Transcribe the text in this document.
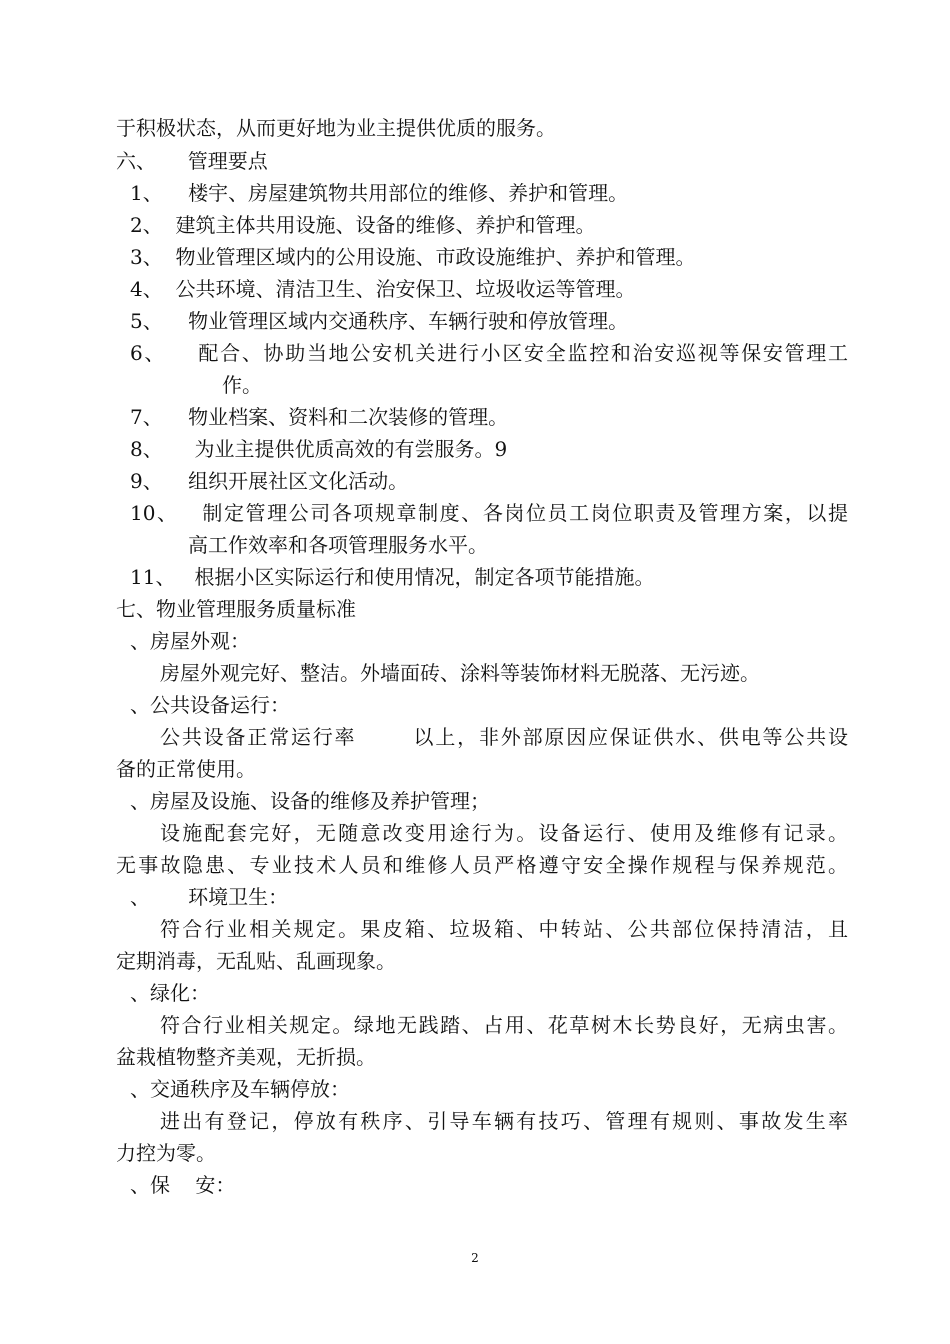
于积极状态，从而更好地为业主提供优质的服务。
六、     管理要点
1、    楼宇、房屋建筑物共用部位的维修、养护和管理。
2、  建筑主体共用设施、设备的维修、养护和管理。
3、  物业管理区域内的公用设施、市政设施维护、养护和管理。
4、  公共环境、清洁卫生、治安保卫、垃圾收运等管理。
5、    物业管理区域内交通秩序、车辆行驶和停放管理。
6、    配合、协助当地公安机关进行小区安全监控和治安巡视等保安管理工
作。
7、    物业档案、资料和二次装修的管理。
8、     为业主提供优质高效的有尝服务。9
9、    组织开展社区文化活动。
10、   制定管理公司各项规章制度、各岗位员工岗位职责及管理方案，以提
高工作效率和各项管理服务水平。
11、   根据小区实际运行和使用情况，制定各项节能措施。
七、物业管理服务质量标准
、房屋外观：
房屋外观完好、整洁。外墙面砖、涂料等装饰材料无脱落、无污迹。
、公共设备运行：
公共设备正常运行率       以上，非外部原因应保证供水、供电等公共设
备的正常使用。
、房屋及设施、设备的维修及养护管理；
设施配套完好，无随意改变用途行为。设备运行、使用及维修有记录。
无事故隐患、专业技术人员和维修人员严格遵守安全操作规程与保养规范。
、      环境卫生：
符合行业相关规定。果皮箱、垃圾箱、中转站、公共部位保持清洁，且
定期消毒，无乱贴、乱画现象。
、绿化：
符合行业相关规定。绿地无践踏、占用、花草树木长势良好，无病虫害。
盆栽植物整齐美观，无折损。
、交通秩序及车辆停放：
进出有登记，停放有秩序、引导车辆有技巧、管理有规则、事故发生率
力控为零。
、保    安：
2
